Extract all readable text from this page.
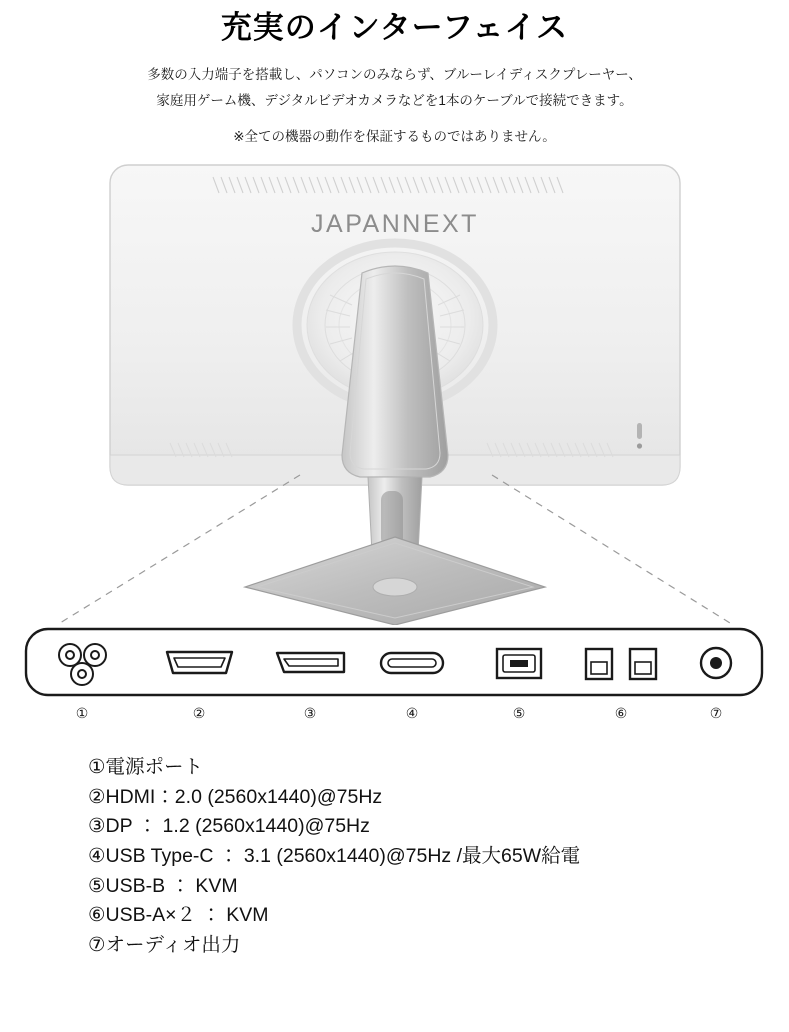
充実のインターフェイス

多数の入力端子を搭載し、パソコンのみならず、ブルーレイディスクプレーヤー、
家庭用ゲーム機、デジタルビデオカメラなどを1本のケーブルで接続できます。

※全ての機器の動作を保証するものではありません。

JAPANNEXT
①	②	③	④	⑤	⑥	⑦
①電源ポート
②HDMI：2.0 (2560x1440)@75Hz
③DP ： 1.2 (2560x1440)@75Hz
④USB Type-C ： 3.1 (2560x1440)@75Hz /最大65W給電
⑤USB-B ： KVM
⑥USB-A×２ ： KVM
⑦オーディオ出力
